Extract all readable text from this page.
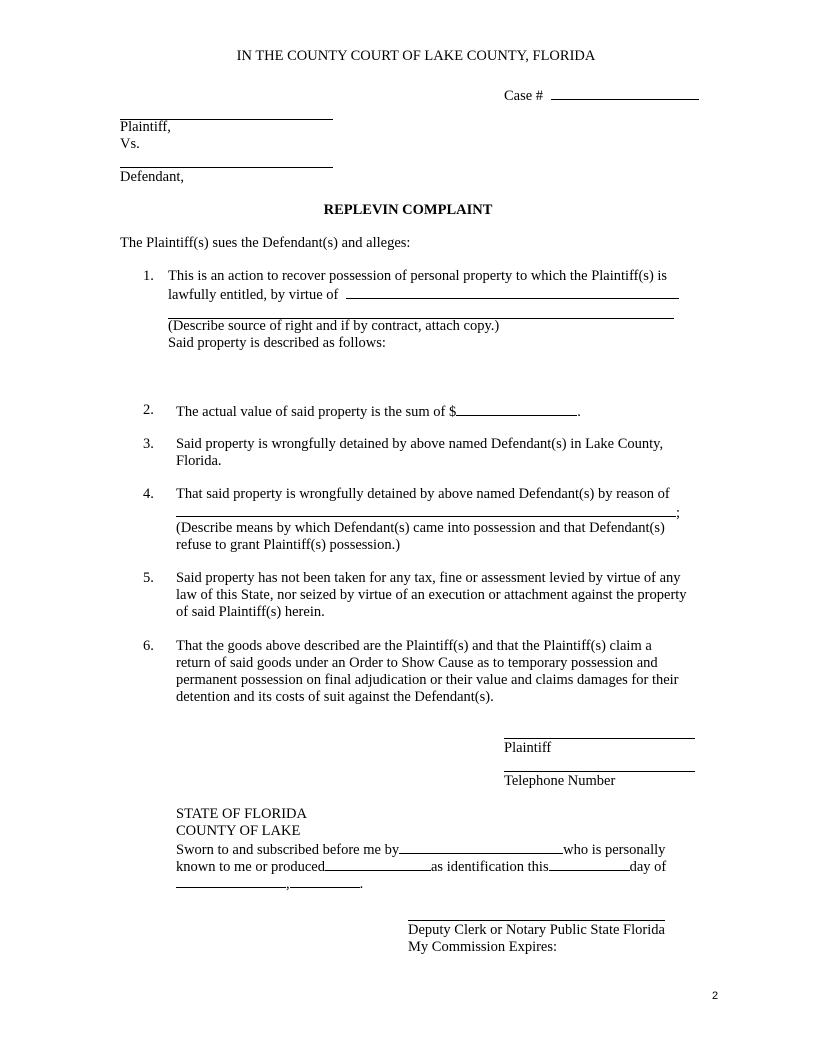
IN THE COUNTY COURT OF LAKE COUNTY, FLORIDA
Case #
Plaintiff,
Vs.
Defendant,
REPLEVIN COMPLAINT
The Plaintiff(s) sues the Defendant(s) and alleges:
1. This is an action to recover possession of personal property to which the Plaintiff(s) is
lawfully entitled, by virtue of
(Describe source of right and if by contract, attach copy.)
Said property is described as follows:
2. The actual value of said property is the sum of $	.
3. Said property is wrongfully detained by above named Defendant(s) in Lake County,
Florida.
4. That said property is wrongfully detained by above named Defendant(s) by reason of
;
(Describe means by which Defendant(s) came into possession and that Defendant(s)
refuse to grant Plaintiff(s) possession.)
5. Said property has not been taken for any tax, fine or assessment levied by virtue of any
law of this State, nor seized by virtue of an execution or attachment against the property
of said Plaintiff(s) herein.
6. That the goods above described are the Plaintiff(s) and that the Plaintiff(s) claim a
return of said goods under an Order to Show Cause as to temporary possession and
permanent possession on final adjudication or their value and claims damages for their
detention and its costs of suit against the Defendant(s).
Plaintiff
Telephone Number
STATE OF FLORIDA
COUNTY OF LAKE
Sworn to and subscribed before me by	who is personally
known to me or produced	as identification this	day of
,	.
Deputy Clerk or Notary Public State Florida
My Commission Expires:
2
